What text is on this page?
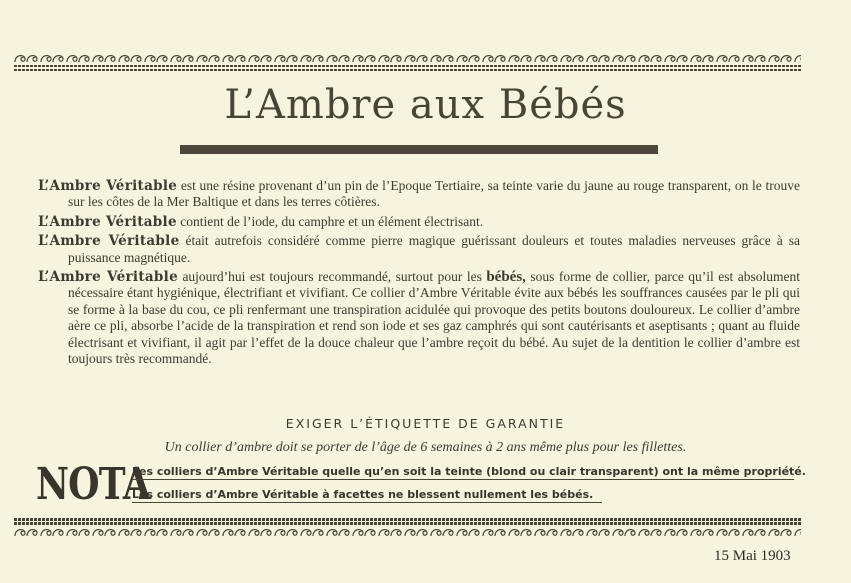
L’Ambre aux Bébés

L’Ambre Véritable est une résine provenant d’un pin de l’Epoque Tertiaire, sa teinte varie du jaune au rouge transparent, on le trouve sur les côtes de la Mer Baltique et dans les terres côtières.

L’Ambre Véritable contient de l’iode, du camphre et un élément électrisant.

L’Ambre Véritable était autrefois considéré comme pierre magique guérissant douleurs et toutes maladies nerveuses grâce à sa puissance magnétique.

L’Ambre Véritable aujourd’hui est toujours recommandé, surtout pour les bébés, sous forme de collier, parce qu’il est absolument nécessaire étant hygiénique, électrifiant et vivifiant. Ce collier d’Ambre Véritable évite aux bébés les souffrances causées par le pli qui se forme à la base du cou, ce pli renfermant une transpiration acidulée qui provoque des petits boutons douloureux. Le collier d’ambre aère ce pli, absorbe l’acide de la transpiration et rend son iode et ses gaz camphrés qui sont cautérisants et aseptisants ; quant au fluide électrisant et vivifiant, il agit par l’effet de la douce chaleur que l’ambre reçoit du bébé. Au sujet de la dentition le collier d’ambre est toujours très recommandé.

EXIGER L’ÉTIQUETTE DE GARANTIE
Un collier d’ambre doit se porter de l’âge de 6 semaines à 2 ans même plus pour les fillettes.
NOTA
Les colliers d’Ambre Véritable quelle qu’en soit la teinte (blond ou clair transparent) ont la même propriété.
Les colliers d’Ambre Véritable à facettes ne blessent nullement les bébés.
15 Mai 1903
